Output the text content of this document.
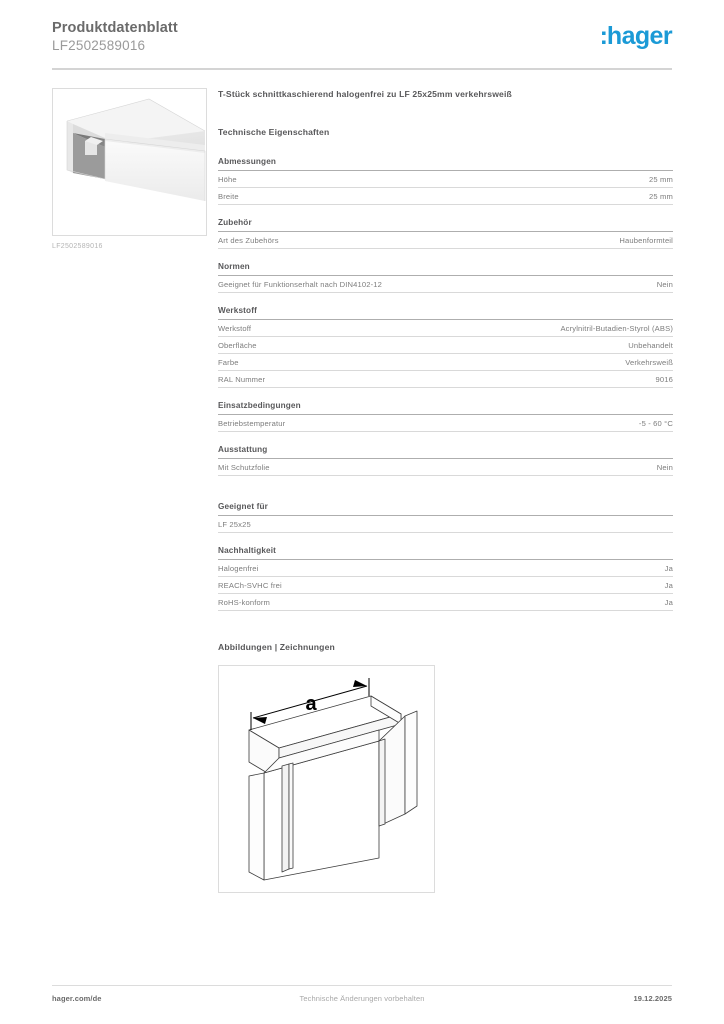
Produktdatenblatt
LF2502589016	:hager
LF2502589016
T-Stück schnittkaschierend halogenfrei zu LF 25x25mm verkehrsweiß
Technische Eigenschaften
Abmessungen
Höhe	25 mm
Breite	25 mm
Zubehör
Art des Zubehörs	Haubenformteil
Normen
Geeignet für Funktionserhalt nach DIN4102-12	Nein
Werkstoff
Werkstoff	Acrylnitril-Butadien-Styrol (ABS)
Oberfläche	Unbehandelt
Farbe	Verkehrsweiß
RAL Nummer	9016
Einsatzbedingungen
Betriebstemperatur	-5 - 60 °C
Ausstattung
Mit Schutzfolie	Nein
Geeignet für
LF 25x25
Nachhaltigkeit
Halogenfrei	Ja
REACh-SVHC frei	Ja
RoHS-konform	Ja
Abbildungen | Zeichnungen
a
hager.com/de	Technische Änderungen vorbehalten	19.12.2025
